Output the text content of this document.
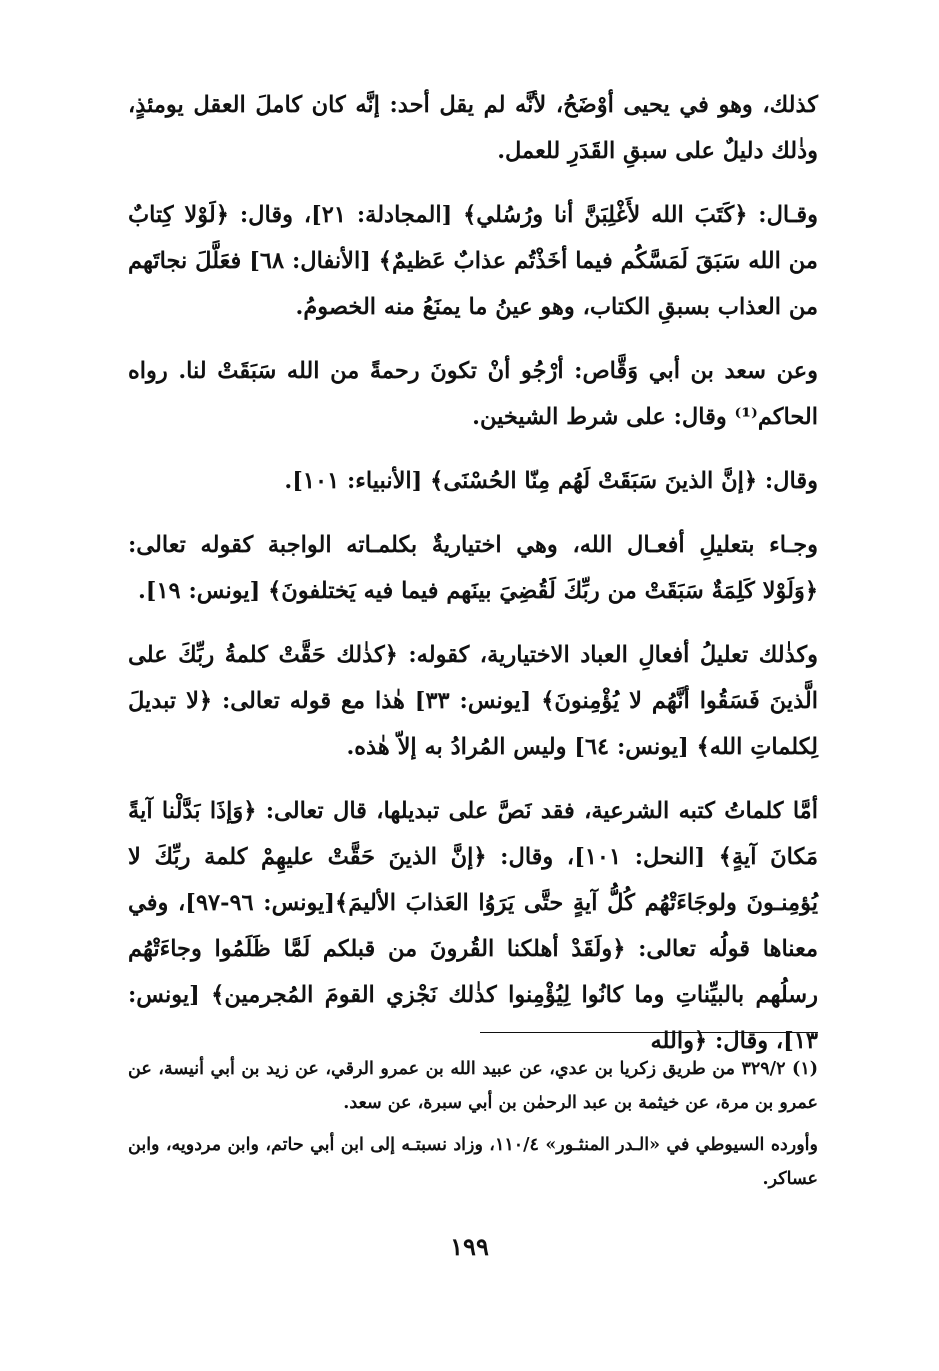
كذلك، وهو في يحيى أوْضَحُ، لأنَّه لم يقل أحد: إنَّه كان كاملَ العقل يومئذٍ، وذٰلك دليلٌ على سبقِ القَدَرِ للعمل.

وقـال: ﴿كَتَبَ الله لأَغْلِبَنَّ أنا ورُسُلي﴾ [المجادلة: ٢١]، وقال: ﴿لَوْلا كِتابٌ من الله سَبَقَ لَمَسَّكُم فيما أخَذْتُم عذابٌ عَظيمٌ﴾ [الأنفال: ٦٨] فعَلَّلَ نجاتَهم من العذاب بسبقِ الكتاب، وهو عينُ ما يمنَعُ منه الخصومُ.

وعن سعد بن أبي وَقَّاص: أرْجُو أنْ تكونَ رحمةً من الله سَبَقَتْ لنا. رواه الحاكم⁽¹⁾ وقال: على شرط الشيخين.

وقال: ﴿إنَّ الذينَ سَبَقَتْ لَهُم مِنّا الحُسْنَى﴾ [الأنبياء: ١٠١].

وجـاء بتعليلِ أفعـال الله، وهي اختياريةٌ بكلمـاته الواجبة كقوله تعالى: ﴿وَلَوْلا كَلِمَةٌ سَبَقَتْ من ربِّكَ لَقُضِيَ بينَهم فيما فيه يَختلفونَ﴾ [يونس: ١٩].

وكذٰلك تعليلُ أفعالِ العباد الاختيارية، كقوله: ﴿كذٰلك حَقَّتْ كلمةُ ربِّكَ على الَّذينَ فَسَقُوا أنَّهُم لا يُؤْمِنونَ﴾ [يونس: ٣٣] هٰذا مع قوله تعالى: ﴿لا تبديلَ لِكلماتِ الله﴾ [يونس: ٦٤] وليس المُرادُ به إلاّ هٰذه.

أمَّا كلماتُ كتبه الشرعية، فقد نَصَّ على تبديلها، قال تعالى: ﴿وَإذَا بَدَّلْنا آيةً مَكانَ آيةٍ﴾ [النحل: ١٠١]، وقال: ﴿إنَّ الذينَ حَقَّتْ عليهِمْ كلمة ربِّكَ لا يُؤمِنـونَ ولوجَاءَتْهُم كُلُّ آيةٍ حتَّى يَرَوُا العَذابَ الأليمَ﴾[يونس: ٩٦-٩٧]، وفي معناها قولُه تعالى: ﴿ولَقَدْ أهلكنا القُرونَ من قبلكم لَمَّا ظَلَمُوا وجاءَتْهُم رسلُهم بالبيِّناتِ وما كانُوا لِيُؤْمِنوا كذٰلك نَجْزي القومَ المُجرمين﴾ [يونس: ١٣]، وقال: ﴿والله

(١) ٣٢٩/٢ من طريق زكريا بن عدي، عن عبيد الله بن عمرو الرقي، عن زيد بن أبي أنيسة، عن عمرو بن مرة، عن خيثمة بن عبد الرحمٰن بن أبي سبرة، عن سعد.

وأورده السيوطي في «الـدر المنثـور» ١١٠/٤، وزاد نسبتـه إلى ابن أبي حاتم، وابن مردويه، وابن عساكر.

١٩٩
